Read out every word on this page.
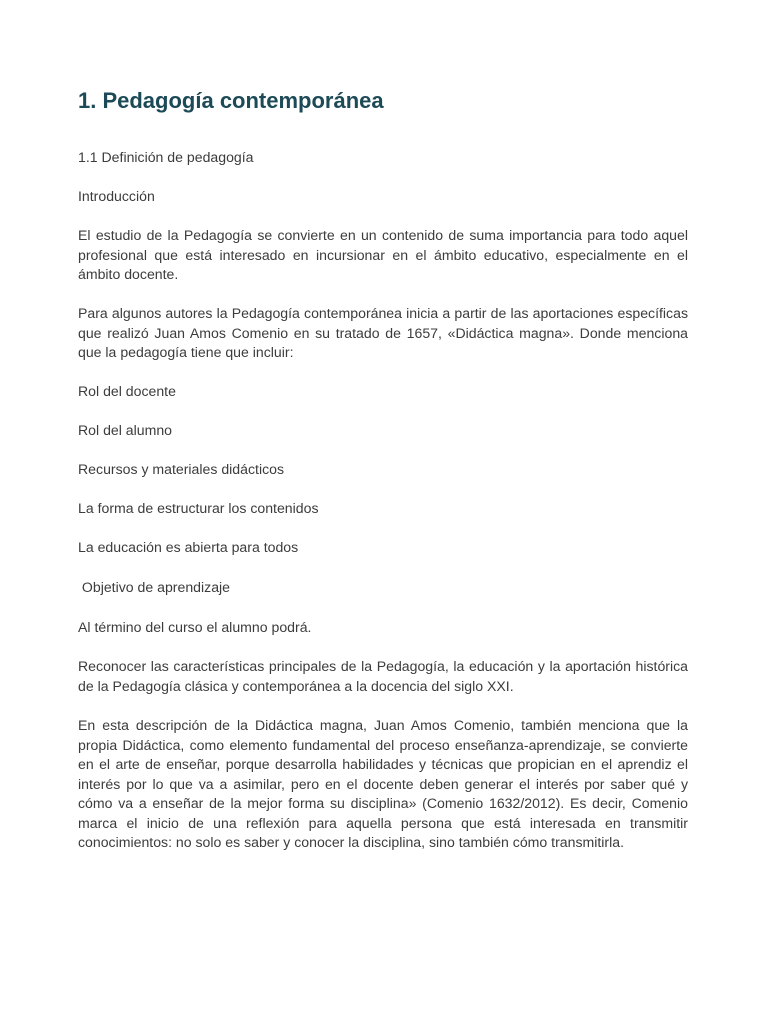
1. Pedagogía contemporánea

1.1 Definición de pedagogía

Introducción

El estudio de la Pedagogía se convierte en un contenido de suma importancia para todo aquel profesional que está interesado en incursionar en el ámbito educativo, especialmente en el ámbito docente.

Para algunos autores la Pedagogía contemporánea inicia a partir de las aportaciones específicas que realizó Juan Amos Comenio en su tratado de 1657, «Didáctica magna». Donde menciona que la pedagogía tiene que incluir:

Rol del docente

Rol del alumno

Recursos y materiales didácticos

La forma de estructurar los contenidos

La educación es abierta para todos

Objetivo de aprendizaje

Al término del curso el alumno podrá.

Reconocer las características principales de la Pedagogía, la educación y la aportación histórica de la Pedagogía clásica y contemporánea a la docencia del siglo XXI.

En esta descripción de la Didáctica magna, Juan Amos Comenio, también menciona que la propia Didáctica, como elemento fundamental del proceso enseñanza-aprendizaje, se convierte en el arte de enseñar, porque desarrolla habilidades y técnicas que propician en el aprendiz el interés por lo que va a asimilar, pero en el docente deben generar el interés por saber qué y cómo va a enseñar de la mejor forma su disciplina» (Comenio 1632/2012). Es decir, Comenio marca el inicio de una reflexión para aquella persona que está interesada en transmitir conocimientos: no solo es saber y conocer la disciplina, sino también cómo transmitirla.
